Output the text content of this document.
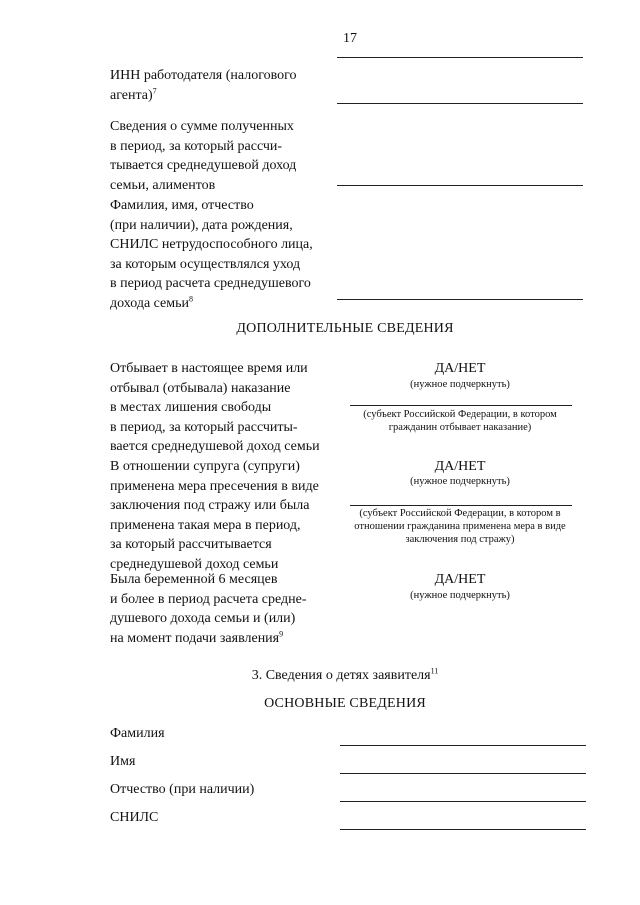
17
ИНН работодателя (налогового
агента)$^7$
Сведения о сумме полученных
в период, за который рассчи-
тывается среднедушевой доход
семьи, алиментов
Фамилия, имя, отчество
(при наличии), дата рождения,
СНИЛС нетрудоспособного лица,
за которым осуществлялся уход
в период расчета среднедушевого
дохода семьи$^8$
ДОПОЛНИТЕЛЬНЫЕ СВЕДЕНИЯ
Отбывает в настоящее время или
отбывал (отбывала) наказание
в местах лишения свободы
в период, за который рассчиты-
вается среднедушевой доход семьи
ДА/НЕТ
(нужное подчеркнуть)
(субъект Российской Федерации, в котором
гражданин отбывает наказание)
В отношении супруга (супруги)
применена мера пресечения в виде
заключения под стражу или была
применена такая мера в период,
за который рассчитывается
среднедушевой доход семьи
ДА/НЕТ
(нужное подчеркнуть)
(субъект Российской Федерации, в котором в
отношении гражданина применена мера в виде
заключения под стражу)
Была беременной 6 месяцев
и более в период расчета средне-
душевого дохода семьи и (или)
на момент подачи заявления$^9$
ДА/НЕТ
(нужное подчеркнуть)
3. Сведения о детях заявителя$^{11}$
ОСНОВНЫЕ СВЕДЕНИЯ
Фамилия
Имя
Отчество (при наличии)
СНИЛС
